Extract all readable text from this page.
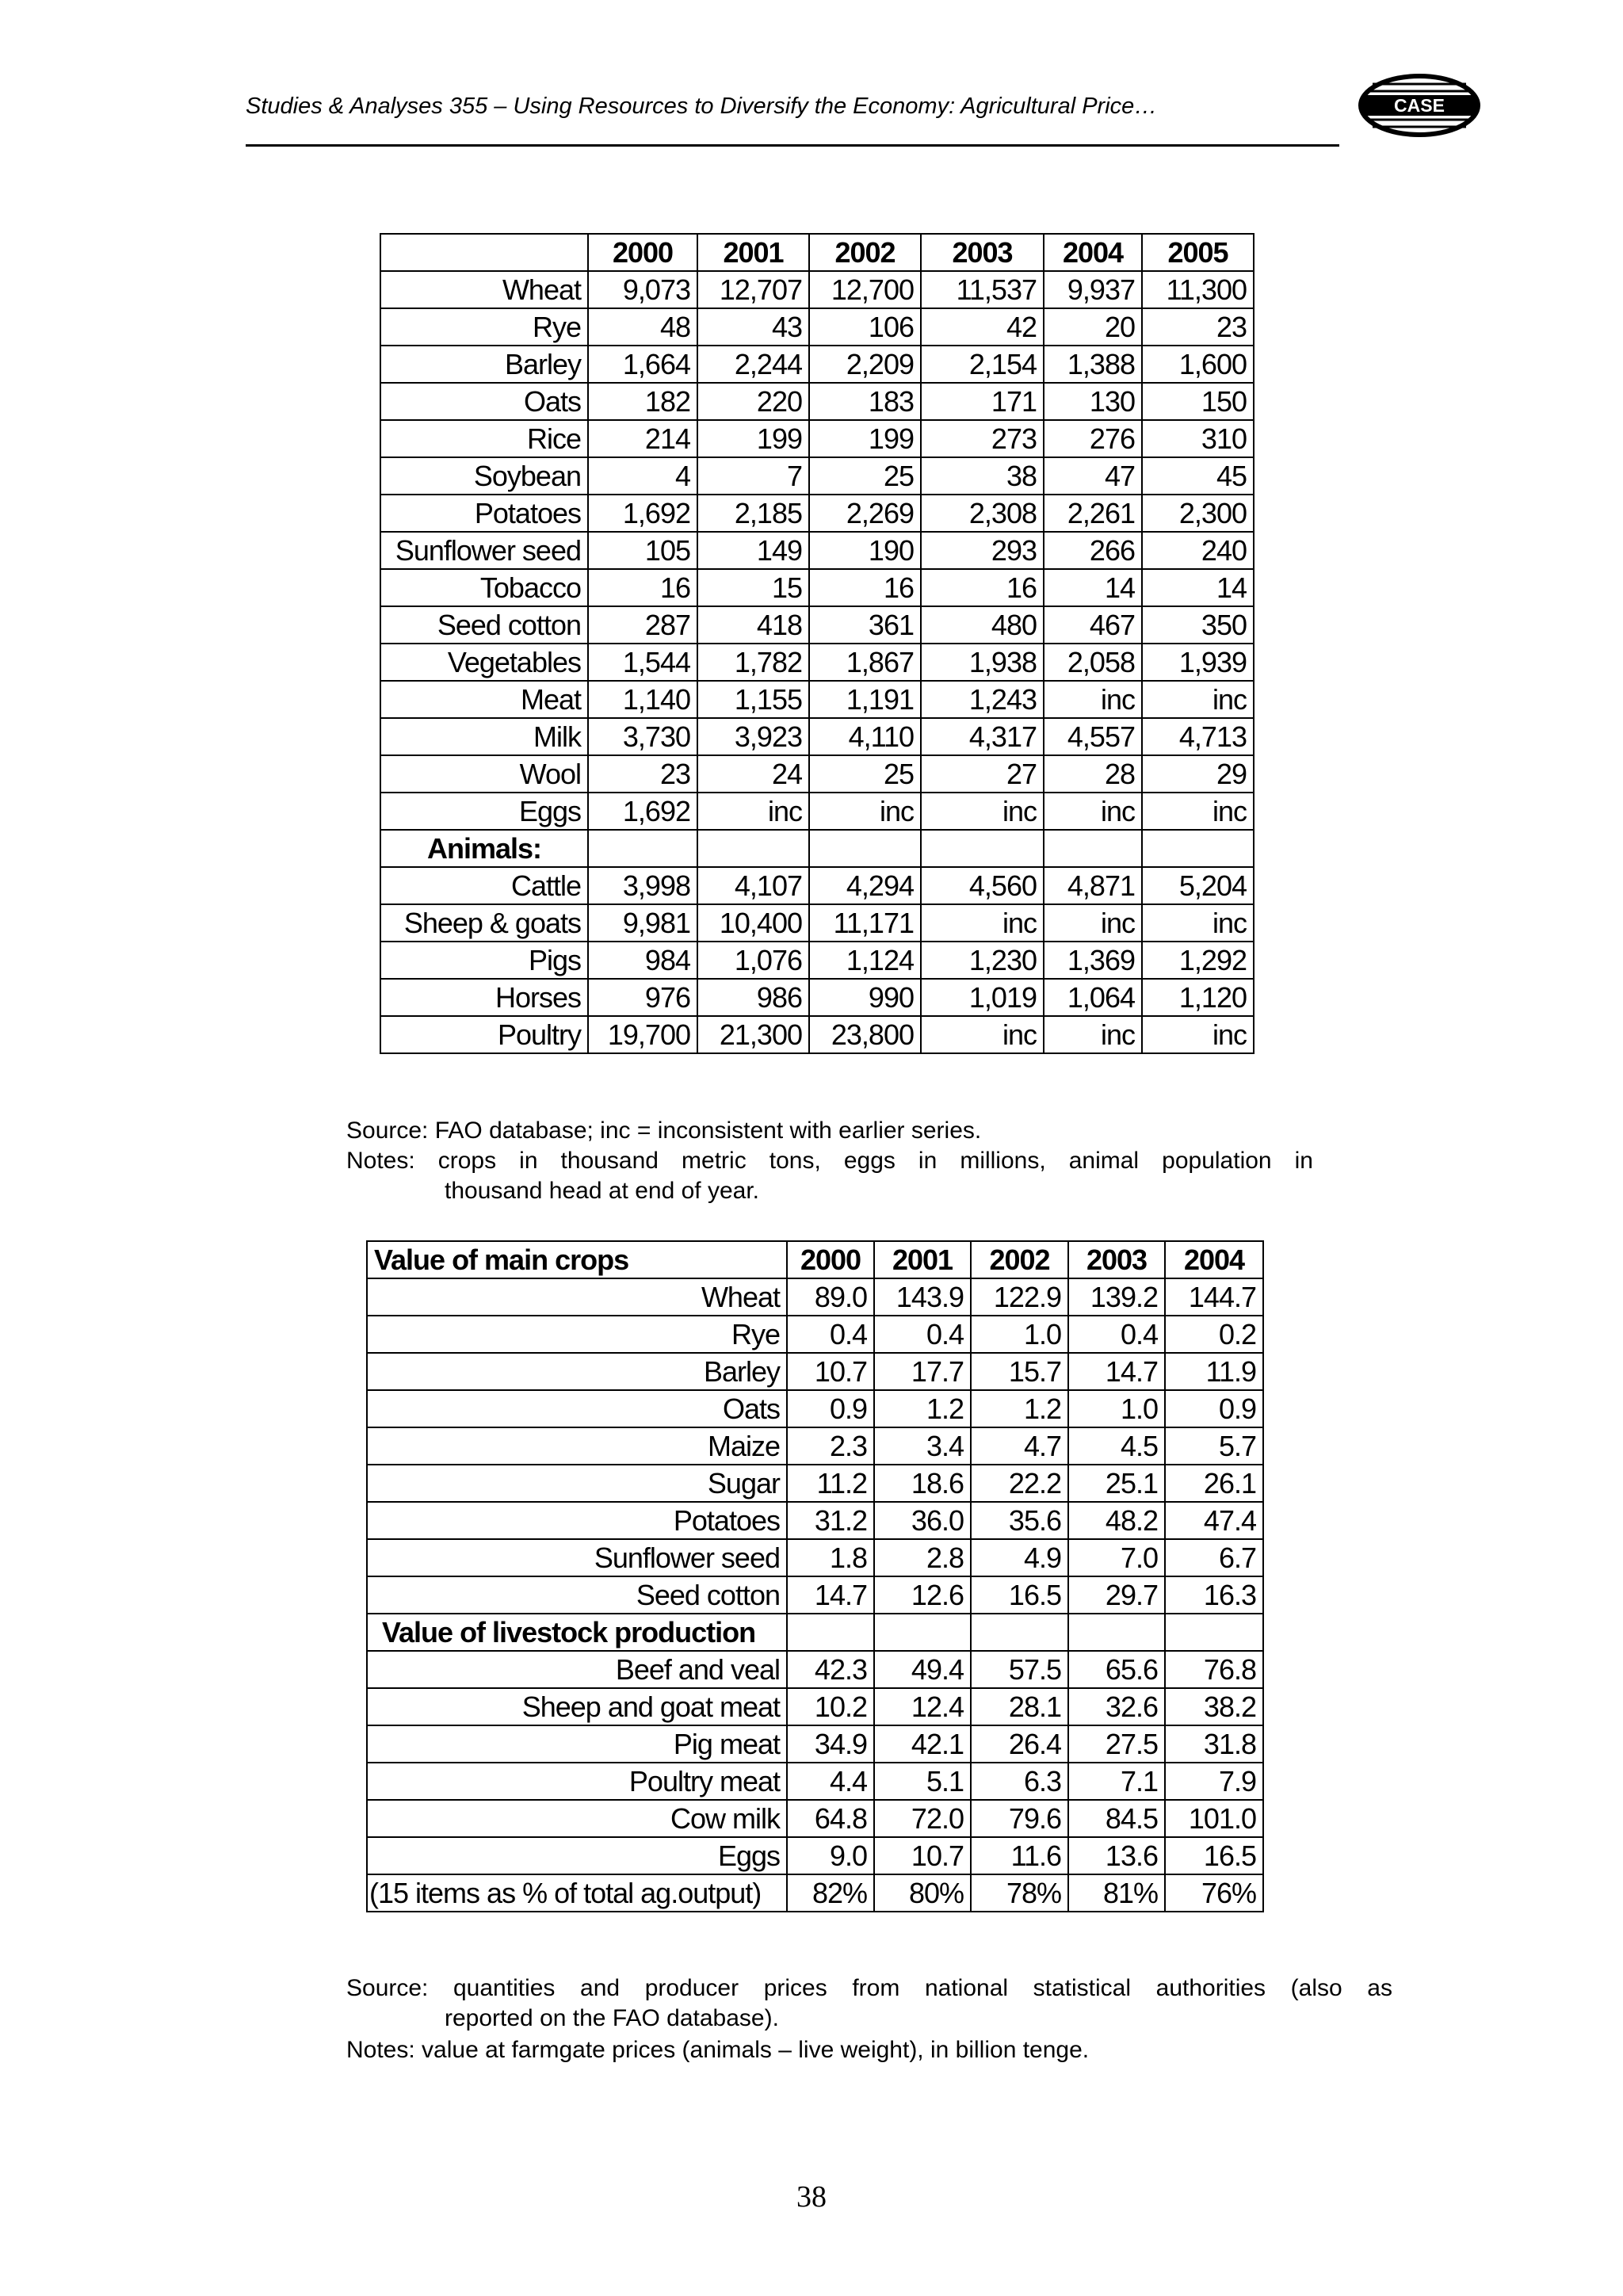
Studies & Analyses 355 – Using Resources to Diversify the Economy: Agricultural Price…	CASE
	2000	2001	2002	2003	2004	2005
Wheat	9,073	12,707	12,700	11,537	9,937	11,300
Rye	48	43	106	42	20	23
Barley	1,664	2,244	2,209	2,154	1,388	1,600
Oats	182	220	183	171	130	150
Rice	214	199	199	273	276	310
Soybean	4	7	25	38	47	45
Potatoes	1,692	2,185	2,269	2,308	2,261	2,300
Sunflower seed	105	149	190	293	266	240
Tobacco	16	15	16	16	14	14
Seed cotton	287	418	361	480	467	350
Vegetables	1,544	1,782	1,867	1,938	2,058	1,939
Meat	1,140	1,155	1,191	1,243	inc	inc
Milk	3,730	3,923	4,110	4,317	4,557	4,713
Wool	23	24	25	27	28	29
Eggs	1,692	inc	inc	inc	inc	inc
Animals:						
Cattle	3,998	4,107	4,294	4,560	4,871	5,204
Sheep & goats	9,981	10,400	11,171	inc	inc	inc
Pigs	984	1,076	1,124	1,230	1,369	1,292
Horses	976	986	990	1,019	1,064	1,120
Poultry	19,700	21,300	23,800	inc	inc	inc
Source: FAO database; inc = inconsistent with earlier series.
Notes: crops in thousand metric tons, eggs in millions, animal population in
thousand head at end of year.
Value of main crops	2000	2001	2002	2003	2004
Wheat	89.0	143.9	122.9	139.2	144.7
Rye	0.4	0.4	1.0	0.4	0.2
Barley	10.7	17.7	15.7	14.7	11.9
Oats	0.9	1.2	1.2	1.0	0.9
Maize	2.3	3.4	4.7	4.5	5.7
Sugar	11.2	18.6	22.2	25.1	26.1
Potatoes	31.2	36.0	35.6	48.2	47.4
Sunflower seed	1.8	2.8	4.9	7.0	6.7
Seed cotton	14.7	12.6	16.5	29.7	16.3
Value of livestock production					
Beef and veal	42.3	49.4	57.5	65.6	76.8
Sheep and goat meat	10.2	12.4	28.1	32.6	38.2
Pig meat	34.9	42.1	26.4	27.5	31.8
Poultry meat	4.4	5.1	6.3	7.1	7.9
Cow milk	64.8	72.0	79.6	84.5	101.0
Eggs	9.0	10.7	11.6	13.6	16.5
(15 items as % of total ag.output)	82%	80%	78%	81%	76%
Source: quantities and producer prices from national statistical authorities (also as
reported on the FAO database).
Notes: value at farmgate prices (animals – live weight), in billion tenge.
38
